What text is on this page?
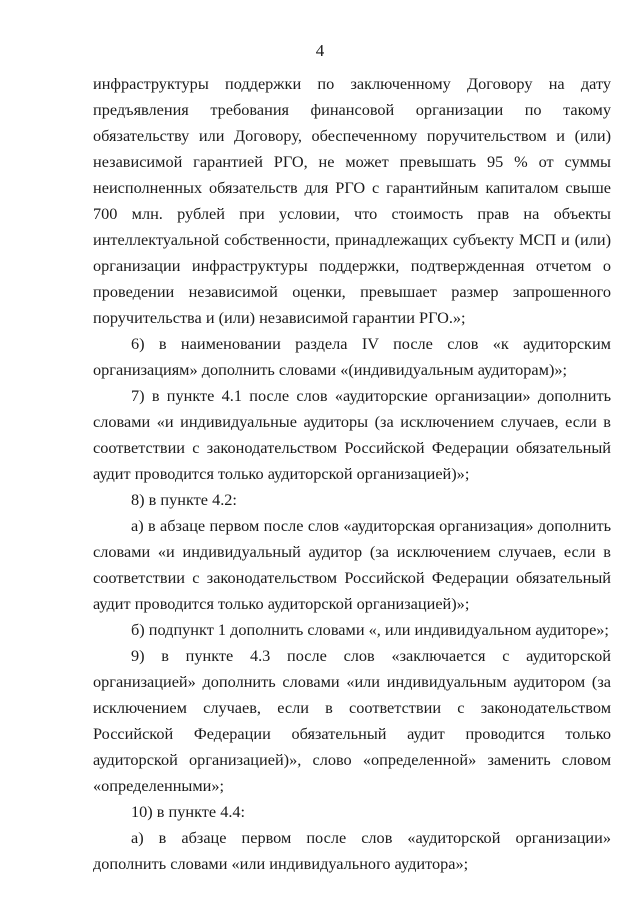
4

инфраструктуры поддержки по заключенному Договору на дату предъявления требования финансовой организации по такому обязательству или Договору, обеспеченному поручительством и (или) независимой гарантией РГО, не может превышать 95 % от суммы неисполненных обязательств для РГО с гарантийным капиталом свыше 700 млн. рублей при условии, что стоимость прав на объекты интеллектуальной собственности, принадлежащих субъекту МСП и (или) организации инфраструктуры поддержки, подтвержденная отчетом о проведении независимой оценки, превышает размер запрошенного поручительства и (или) независимой гарантии РГО.»;

6) в наименовании раздела IV после слов «к аудиторским организациям» дополнить словами «(индивидуальным аудиторам)»;

7) в пункте 4.1 после слов «аудиторские организации» дополнить словами «и индивидуальные аудиторы (за исключением случаев, если в соответствии с законодательством Российской Федерации обязательный аудит проводится только аудиторской организацией)»;

8) в пункте 4.2:

а) в абзаце первом после слов «аудиторская организация» дополнить словами «и индивидуальный аудитор (за исключением случаев, если в соответствии с законодательством Российской Федерации обязательный аудит проводится только аудиторской организацией)»;

б) подпункт 1 дополнить словами «, или индивидуальном аудиторе»;

9) в пункте 4.3 после слов «заключается с аудиторской организацией» дополнить словами «или индивидуальным аудитором (за исключением случаев, если в соответствии с законодательством Российской Федерации обязательный аудит проводится только аудиторской организацией)», слово «определенной» заменить словом «определенными»;

10) в пункте 4.4:

а) в абзаце первом после слов «аудиторской организации» дополнить словами «или индивидуального аудитора»;
